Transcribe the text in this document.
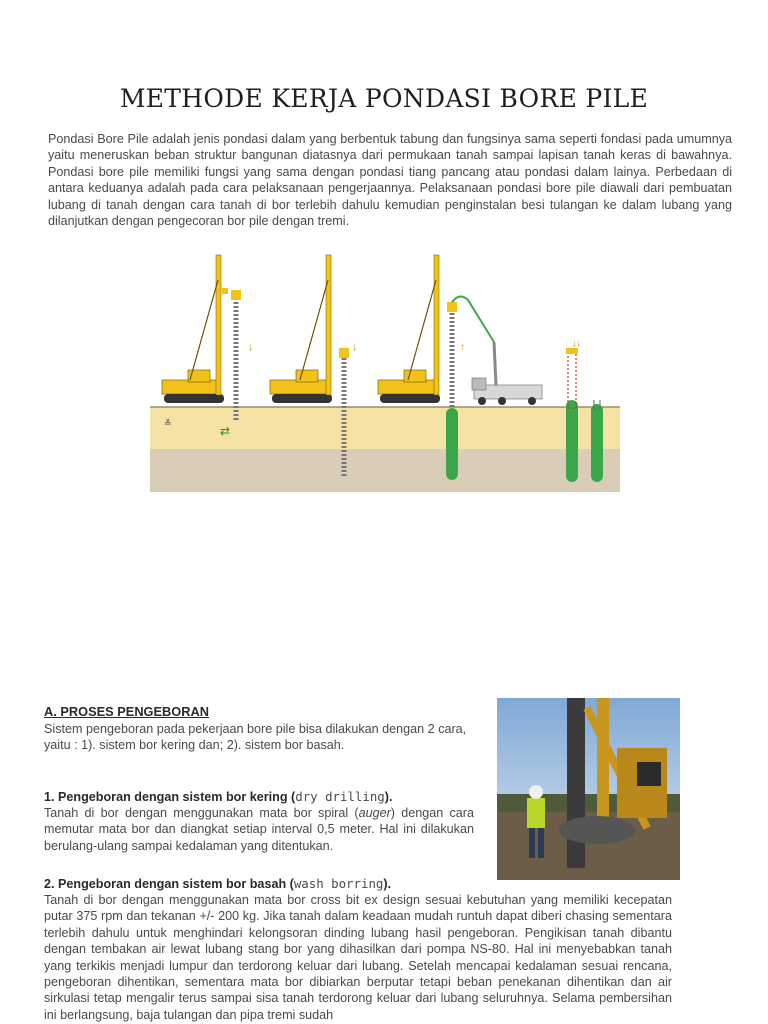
METHODE KERJA PONDASI BORE PILE

Pondasi Bore Pile adalah jenis pondasi dalam yang berbentuk tabung dan fungsinya sama seperti fondasi pada umumnya yaitu meneruskan beban struktur bangunan diatasnya dari permukaan tanah sampai lapisan tanah keras di bawahnya. Pondasi bore pile memiliki fungsi yang sama dengan pondasi tiang pancang atau pondasi dalam lainya. Perbedaan di antara keduanya adalah pada cara pelaksanaan pengerjaannya. Pelaksanaan pondasi bore pile diawali dari pembuatan lubang di tanah dengan cara tanah di bor terlebih dahulu kemudian penginstalan besi tulangan ke dalam lubang yang dilanjutkan dengan pengecoran bor pile dengan tremi.

≚
↓
⇄
↓	↑	↓↓

A. PROSES PENGEBORAN

Sistem pengeboran pada pekerjaan bore pile bisa dilakukan dengan 2 cara, yaitu : 1). sistem bor kering dan; 2). sistem bor basah.

1. Pengeboran dengan sistem bor kering (dry drilling).

Tanah di bor dengan menggunakan mata bor spiral (auger) dengan cara memutar mata bor dan diangkat setiap interval 0,5 meter. Hal ini dilakukan berulang-ulang sampai kedalaman yang ditentukan.

2. Pengeboran dengan sistem bor basah (wash borring).

Tanah di bor dengan menggunakan mata bor cross bit ex design sesuai kebutuhan yang memiliki kecepatan putar 375 rpm dan tekanan +/- 200 kg. Jika tanah dalam keadaan mudah runtuh dapat diberi chasing sementara terlebih dahulu untuk menghindari kelongsoran dinding lubang hasil pengeboran. Pengikisan tanah dibantu dengan tembakan air lewat lubang stang bor yang dihasilkan dari pompa NS-80. Hal ini menyebabkan tanah yang terkikis menjadi lumpur dan terdorong keluar dari lubang. Setelah mencapai kedalaman sesuai rencana, pengeboran dihentikan, sementara mata bor dibiarkan berputar tetapi beban penekanan dihentikan dan air sirkulasi tetap mengalir terus sampai sisa tanah terdorong keluar dari lubang seluruhnya. Selama pembersihan ini berlangsung, baja tulangan dan pipa tremi sudah
